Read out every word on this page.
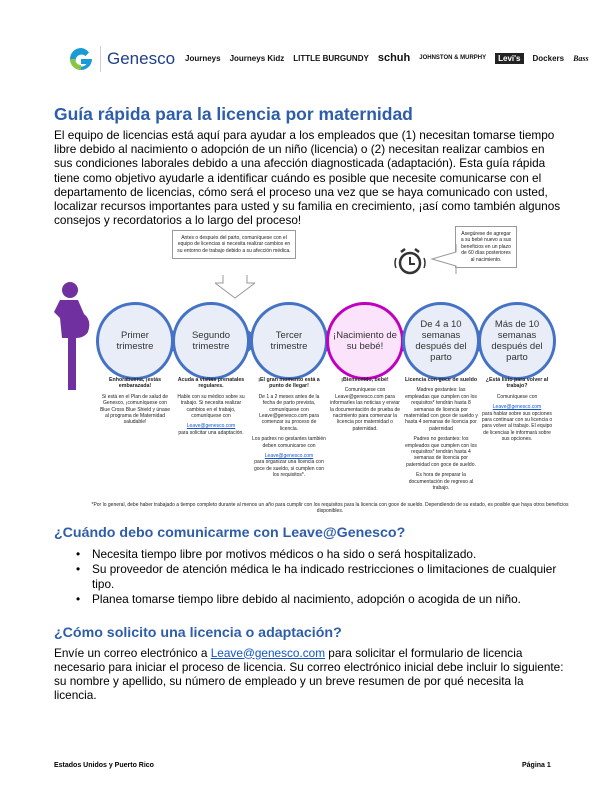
Genesco Journeys Journeys Kidz LITTLE BURGUNDY schuh JOHNSTON & MURPHY	Levi's	Dockers Bass
Guía rápida para la licencia por maternidad

El equipo de licencias está aquí para ayudar a los empleados que (1) necesitan tomarse tiempo libre debido al nacimiento o adopción de un niño (licencia) o (2) necesitan realizar cambios en sus condiciones laborales debido a una afección diagnosticada (adaptación). Esta guía rápida tiene como objetivo ayudarle a identificar cuándo es posible que necesite comunicarse con el departamento de licencias, cómo será el proceso una vez que se haya comunicado con usted, localizar recursos importantes para usted y su familia en crecimiento, ¡así como también algunos consejos y recordatorios a lo largo del proceso!

Antes o después del parto, comuníquese con el equipo de licencias si necesita realizar cambios en su entorno de trabajo debido a su afección médica.
Asegúrese de agregar a su bebé nuevo a sus beneficios en un plazo de 60 días posteriores al nacimiento.
Primer trimestre
Segundo trimestre
Tercer trimestre
¡Nacimiento de su bebé!
De 4 a 10 semanas después del parto
Más de 10 semanas después del parto
Enhorabuena, ¡estás embarazada!

Si está en el Plan de salud de Genesco, ¡comuníquese con Blue Cross Blue Shield y únase al programa de Maternidad saludable!

Acuda a visitas prenatales regulares.

Hable con su médico sobre su trabajo. Si necesita realizar cambios en el trabajo, comuníquese con

Leave@genesco.com

para solicitar una adaptación.

¡El gran momento está a punto de llegar!

De 1 a 2 meses antes de la fecha de parto prevista, comuníquese con Leave@genesco.com para comenzar su proceso de licencia.

Los padres no gestantes también deben comunicarse con

Leave@genesco.com

para organizar una licencia con goce de sueldo, si cumplen con los requisitos*.

¡Bienvenido, bebé!

Comuníquese con Leave@genesco.com para informarles las noticias y enviar la documentación de prueba de nacimiento para comenzar la licencia por maternidad o paternidad.

Licencia con goce de sueldo

Madres gestantes: las empleadas que cumplen con los requisitos* tendrán hasta 8 semanas de licencia por maternidad con goce de sueldo y hasta 4 semanas de licencia por paternidad

Padres no gestantes: los empleados que cumplen con los requisitos* tendrán hasta 4 semanas de licencia por paternidad con goce de sueldo.

Es hora de preparar la documentación de regreso al trabajo.

¿Está listo para volver al trabajo?

Comuníquese con

Leave@genesco.com

para hablar sobre sus opciones para continuar con su licencia o para volver al trabajo. El equipo de licencias le informará sobre sus opciones.

*Por lo general, debe haber trabajado a tiempo completo durante al menos un año para cumplir con los requisitos para la licencia con goce de sueldo. Dependiendo de su estado, es posible que haya otros beneficios disponibles.

¿Cuándo debo comunicarme con Leave@Genesco?
• Necesita tiempo libre por motivos médicos o ha sido o será hospitalizado.
• Su proveedor de atención médica le ha indicado restricciones o limitaciones de cualquier tipo.
• Planea tomarse tiempo libre debido al nacimiento, adopción o acogida de un niño.
¿Cómo solicito una licencia o adaptación?

Envíe un correo electrónico a Leave@genesco.com para solicitar el formulario de licencia necesario para iniciar el proceso de licencia. Su correo electrónico inicial debe incluir lo siguiente: su nombre y apellido, su número de empleado y un breve resumen de por qué necesita la licencia.

Estados Unidos y Puerto Rico	Página 1
